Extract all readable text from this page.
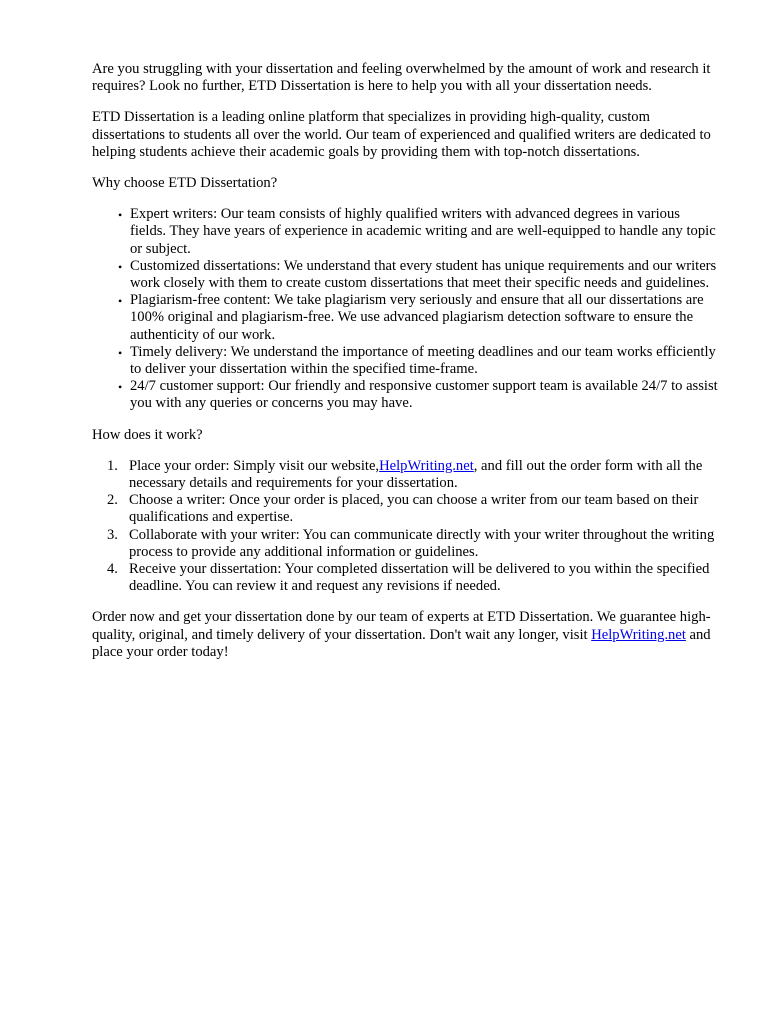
Are you struggling with your dissertation and feeling overwhelmed by the amount of work and research it requires? Look no further, ETD Dissertation is here to help you with all your dissertation needs.

ETD Dissertation is a leading online platform that specializes in providing high-quality, custom dissertations to students all over the world. Our team of experienced and qualified writers are dedicated to helping students achieve their academic goals by providing them with top-notch dissertations.

Why choose ETD Dissertation?

• Expert writers: Our team consists of highly qualified writers with advanced degrees in various fields. They have years of experience in academic writing and are well-equipped to handle any topic or subject.
• Customized dissertations: We understand that every student has unique requirements and our writers work closely with them to create custom dissertations that meet their specific needs and guidelines.
• Plagiarism-free content: We take plagiarism very seriously and ensure that all our dissertations are 100% original and plagiarism-free. We use advanced plagiarism detection software to ensure the authenticity of our work.
• Timely delivery: We understand the importance of meeting deadlines and our team works efficiently to deliver your dissertation within the specified time-frame.
• 24/7 customer support: Our friendly and responsive customer support team is available 24/7 to assist you with any queries or concerns you may have.

How does it work?

1. Place your order: Simply visit our website,HelpWriting.net, and fill out the order form with all the necessary details and requirements for your dissertation.
2. Choose a writer: Once your order is placed, you can choose a writer from our team based on their qualifications and expertise.
3. Collaborate with your writer: You can communicate directly with your writer throughout the writing process to provide any additional information or guidelines.
4. Receive your dissertation: Your completed dissertation will be delivered to you within the specified deadline. You can review it and request any revisions if needed.

Order now and get your dissertation done by our team of experts at ETD Dissertation. We guarantee high-quality, original, and timely delivery of your dissertation. Don't wait any longer, visit HelpWriting.net and place your order today!
